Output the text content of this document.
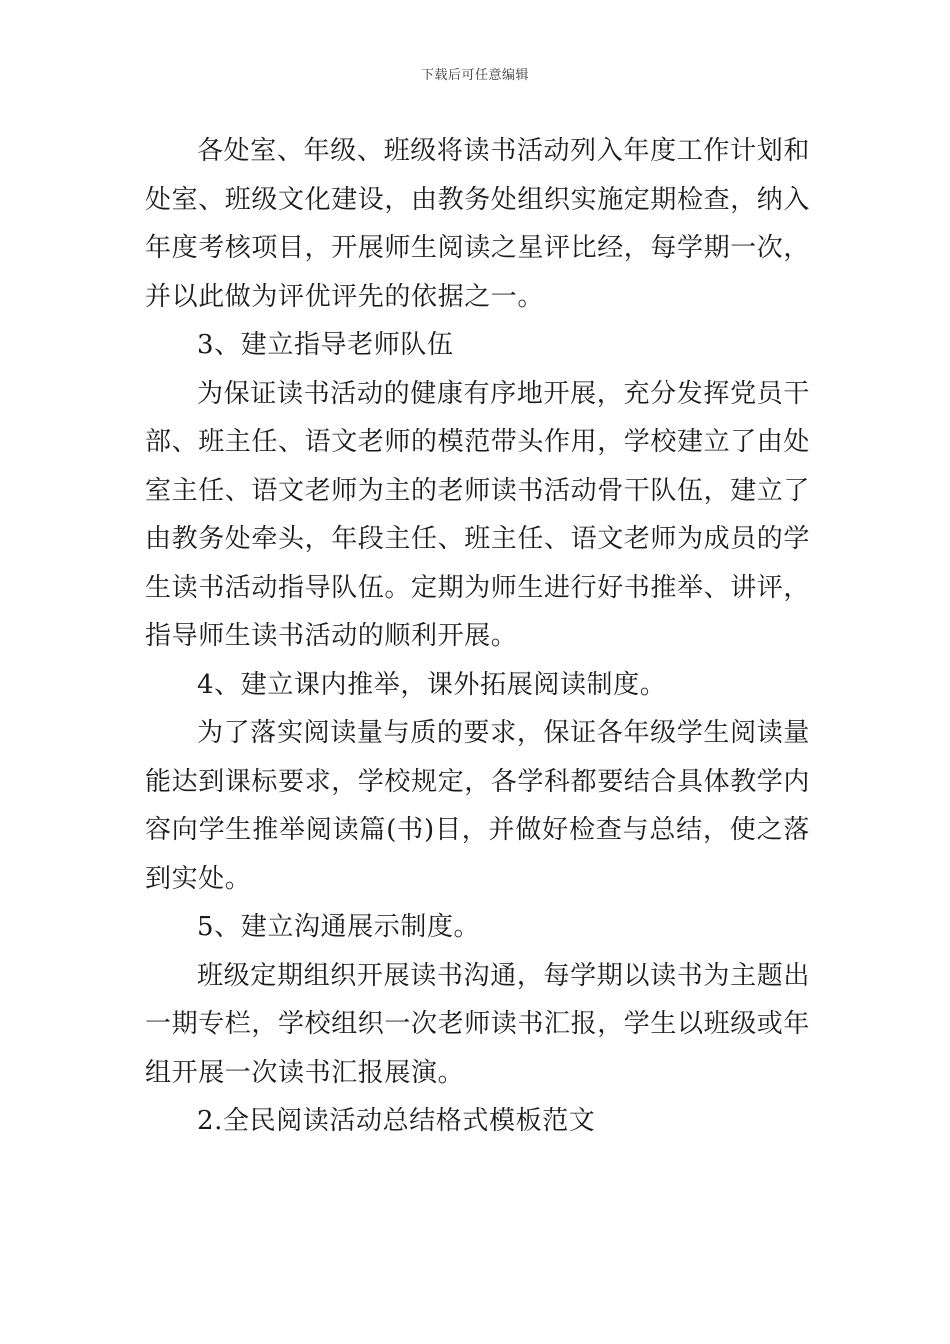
下载后可任意编辑

各处室、年级、班级将读书活动列入年度工作计划和处室、班级文化建设，由教务处组织实施定期检查，纳入年度考核项目，开展师生阅读之星评比经，每学期一次，并以此做为评优评先的依据之一。

3、建立指导老师队伍

为保证读书活动的健康有序地开展，充分发挥党员干部、班主任、语文老师的模范带头作用，学校建立了由处室主任、语文老师为主的老师读书活动骨干队伍，建立了由教务处牵头，年段主任、班主任、语文老师为成员的学生读书活动指导队伍。定期为师生进行好书推举、讲评，指导师生读书活动的顺利开展。

4、建立课内推举，课外拓展阅读制度。

为了落实阅读量与质的要求，保证各年级学生阅读量能达到课标要求，学校规定，各学科都要结合具体教学内容向学生推举阅读篇(书)目，并做好检查与总结，使之落到实处。

5、建立沟通展示制度。

班级定期组织开展读书沟通，每学期以读书为主题出一期专栏，学校组织一次老师读书汇报，学生以班级或年组开展一次读书汇报展演。

2.全民阅读活动总结格式模板范文
